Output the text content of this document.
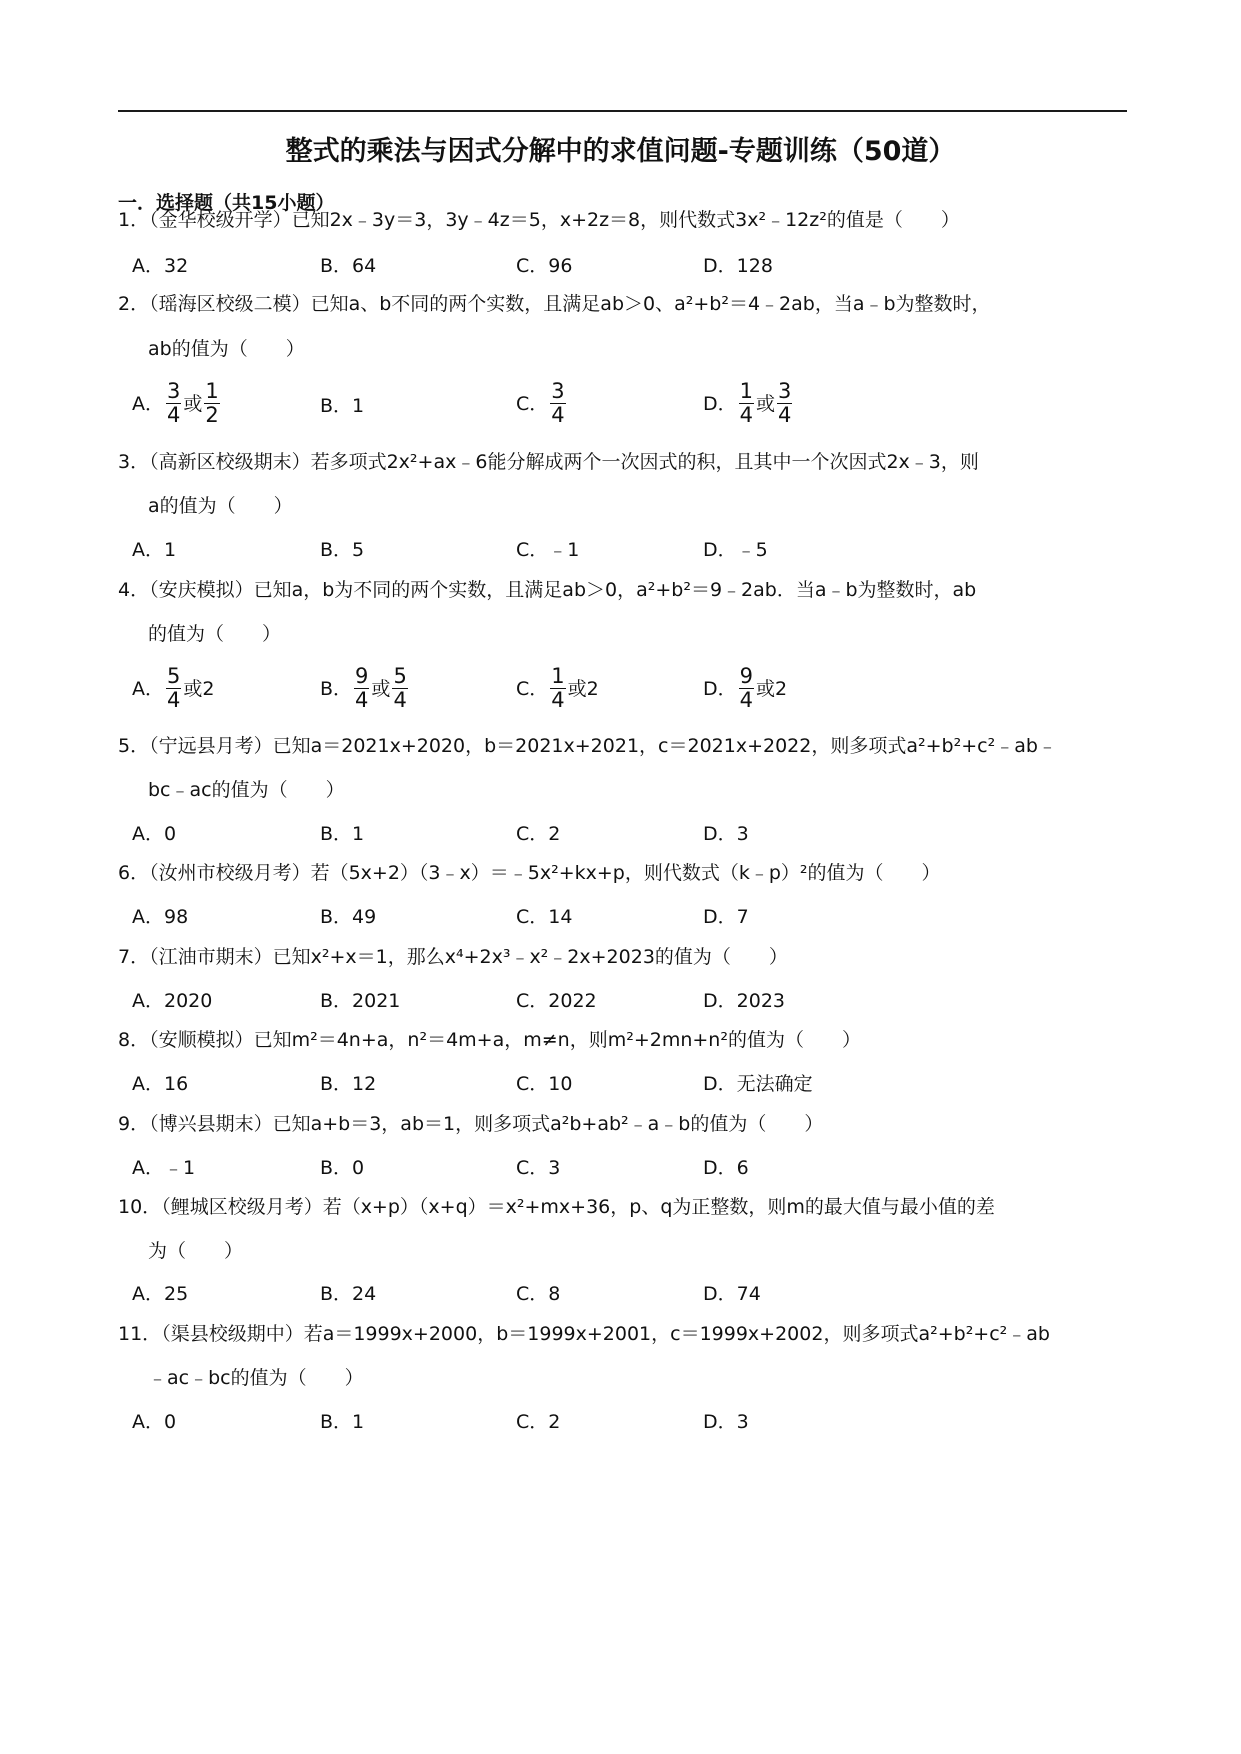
整式的乘法与因式分解中的求值问题-专题训练（50道）
一．选择题（共15小题）
1．（金华校级开学）已知2x﹣3y＝3，3y﹣4z＝5，x+2z＝8，则代数式3x²﹣12z²的值是（　　）
A．32	B．64	C．96	D．128
2．（瑶海区校级二模）已知a、b不同的两个实数，且满足ab＞0、a²+b²＝4﹣2ab，当a﹣b为整数时，
ab的值为（　　）
A． $\frac{3}{4}$ 或 $\frac{1}{2}$	B．1	C． $\frac{3}{4}$	D． $\frac{1}{4}$ 或 $\frac{3}{4}$
3．（高新区校级期末）若多项式2x²+ax﹣6能分解成两个一次因式的积，且其中一个次因式2x﹣3，则
a的值为（　　）
A．1	B．5	C．﹣1	D．﹣5
4．（安庆模拟）已知a，b为不同的两个实数，且满足ab＞0，a²+b²＝9﹣2ab．当a﹣b为整数时，ab
的值为（　　）
A． $\frac{5}{4}$ 或2	B． $\frac{9}{4}$ 或 $\frac{5}{4}$	C． $\frac{1}{4}$ 或2	D． $\frac{9}{4}$ 或2
5．（宁远县月考）已知a＝2021x+2020，b＝2021x+2021，c＝2021x+2022，则多项式a²+b²+c²﹣ab﹣
bc﹣ac的值为（　　）
A．0	B．1	C．2	D．3
6．（汝州市校级月考）若（5x+2）（3﹣x）＝﹣5x²+kx+p，则代数式（k﹣p）²的值为（　　）
A．98	B．49	C．14	D．7
7．（江油市期末）已知x²+x＝1，那么x⁴+2x³﹣x²﹣2x+2023的值为（　　）
A．2020	B．2021	C．2022	D．2023
8．（安顺模拟）已知m²＝4n+a，n²＝4m+a，m≠n，则m²+2mn+n²的值为（　　）
A．16	B．12	C．10	D．无法确定
9．（博兴县期末）已知a+b＝3，ab＝1，则多项式a²b+ab²﹣a﹣b的值为（　　）
A．﹣1	B．0	C．3	D．6
10．（鲤城区校级月考）若（x+p）（x+q）＝x²+mx+36，p、q为正整数，则m的最大值与最小值的差
为（　　）
A．25	B．24	C．8	D．74
11．（渠县校级期中）若a＝1999x+2000，b＝1999x+2001，c＝1999x+2002，则多项式a²+b²+c²﹣ab
﹣ac﹣bc的值为（　　）
A．0	B．1	C．2	D．3
